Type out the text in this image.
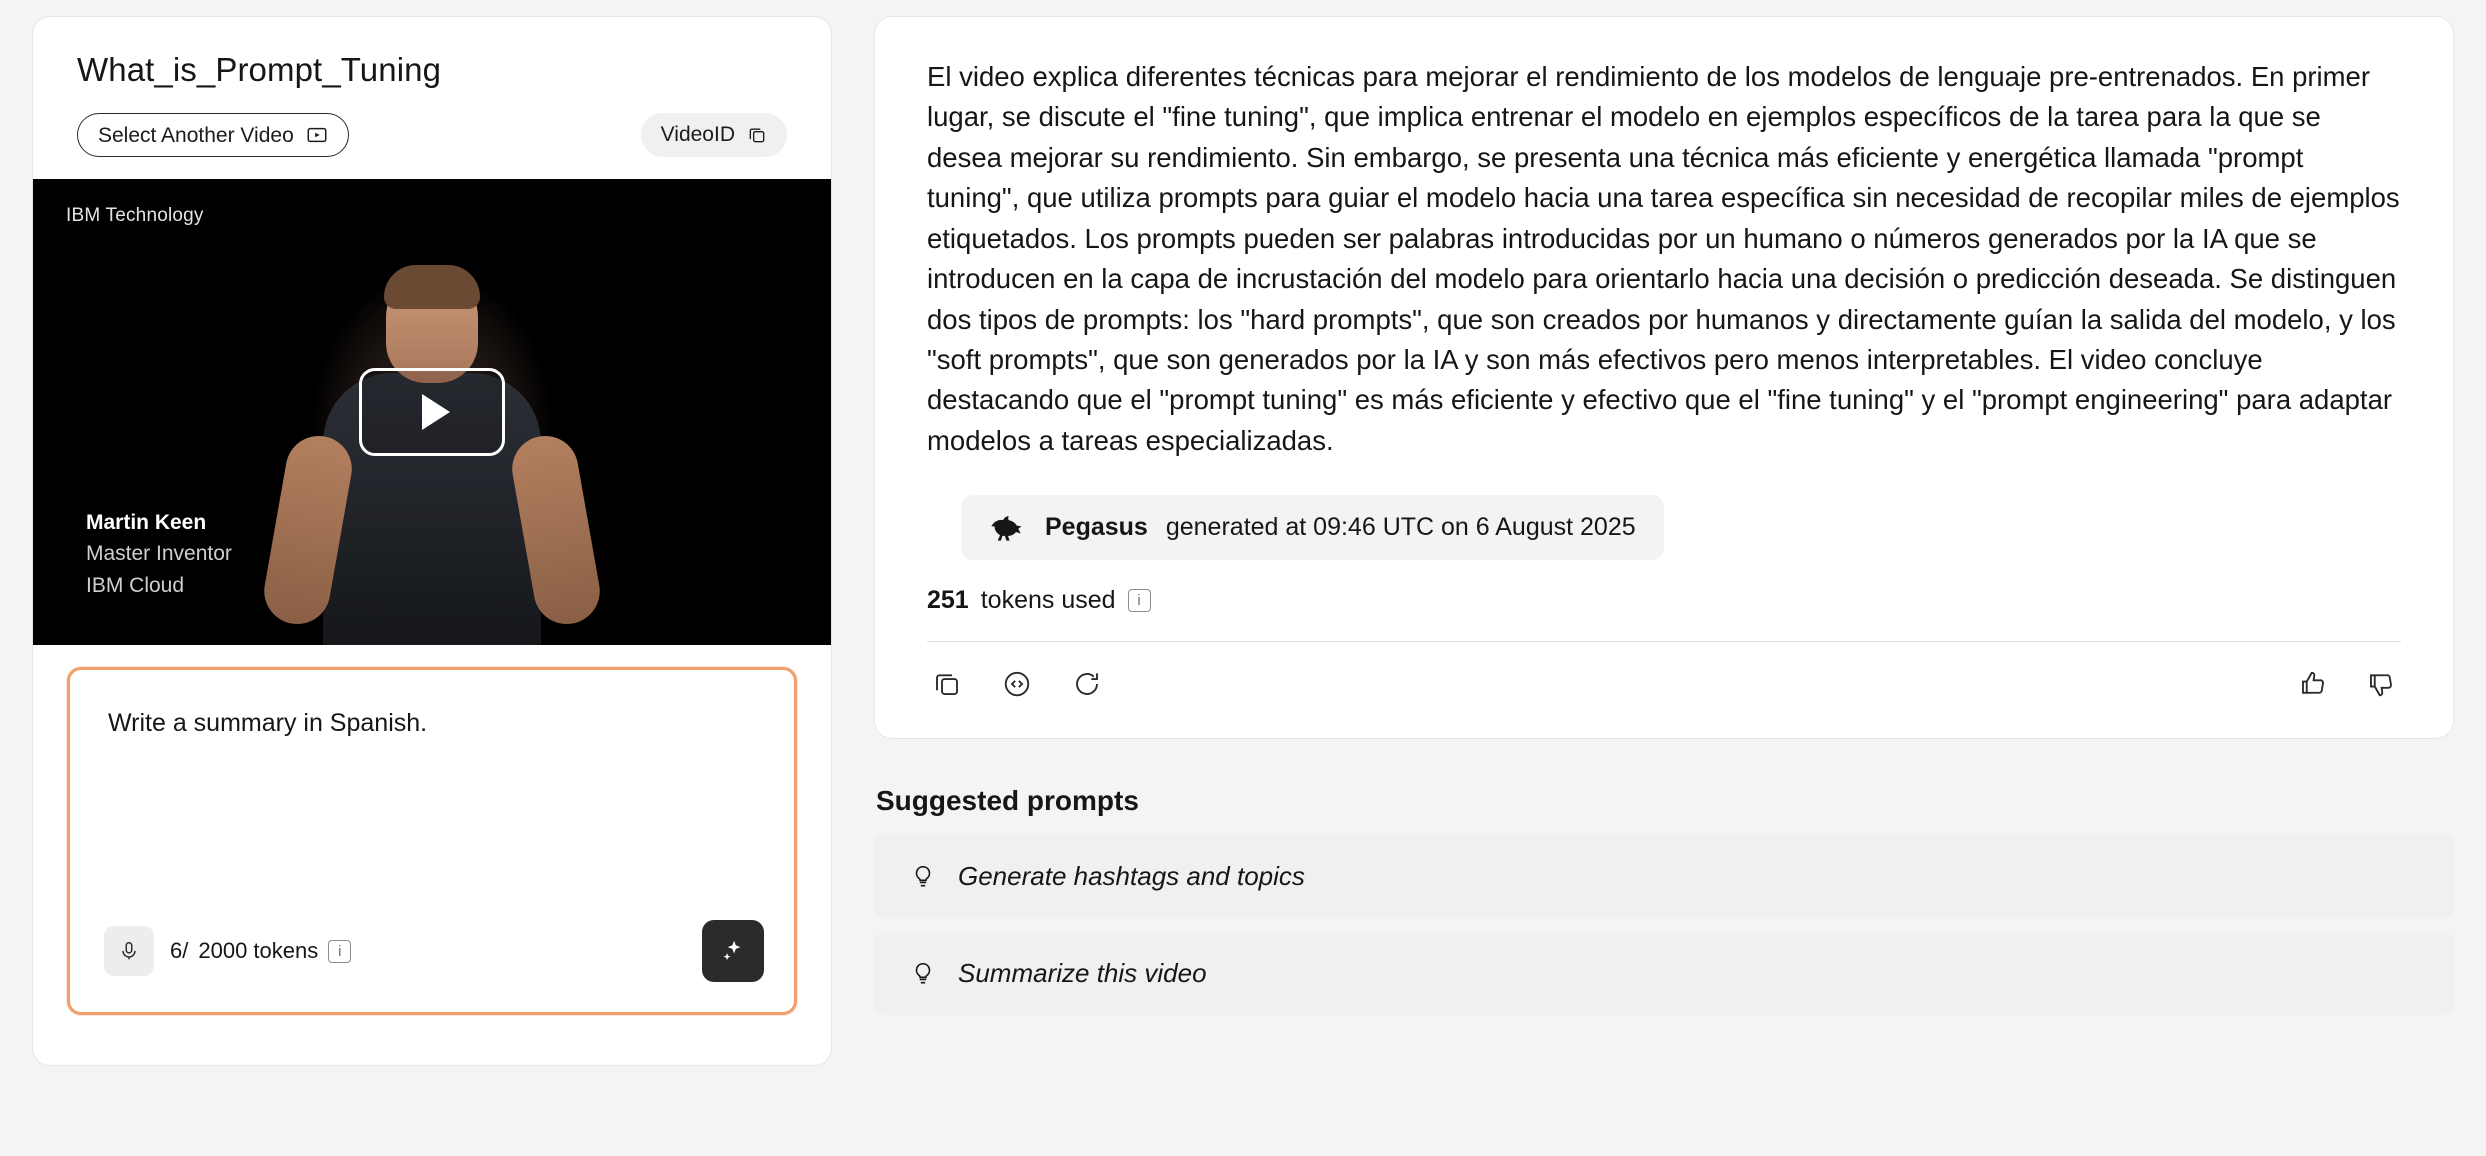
What_is_Prompt_Tuning
Select Another Video	VideoID
IBM Technology
Martin Keen
Master Inventor
IBM Cloud
Write a summary in Spanish.
6/ 2000 tokens	i

El video explica diferentes técnicas para mejorar el rendimiento de los modelos de lenguaje pre-entrenados. En primer lugar, se discute el "fine tuning", que implica entrenar el modelo en ejemplos específicos de la tarea para la que se desea mejorar su rendimiento. Sin embargo, se presenta una técnica más eficiente y energética llamada "prompt tuning", que utiliza prompts para guiar el modelo hacia una tarea específica sin necesidad de recopilar miles de ejemplos etiquetados. Los prompts pueden ser palabras introducidas por un humano o números generados por la IA que se introducen en la capa de incrustación del modelo para orientarlo hacia una decisión o predicción deseada. Se distinguen dos tipos de prompts: los "hard prompts", que son creados por humanos y directamente guían la salida del modelo, y los "soft prompts", que son generados por la IA y son más efectivos pero menos interpretables. El video concluye destacando que el "prompt tuning" es más eficiente y efectivo que el "fine tuning" y el "prompt engineering" para adaptar modelos a tareas especializadas.

Pegasus generated at 09:46 UTC on 6 August 2025
251 tokens used	i
Suggested prompts
Generate hashtags and topics
Summarize this video
